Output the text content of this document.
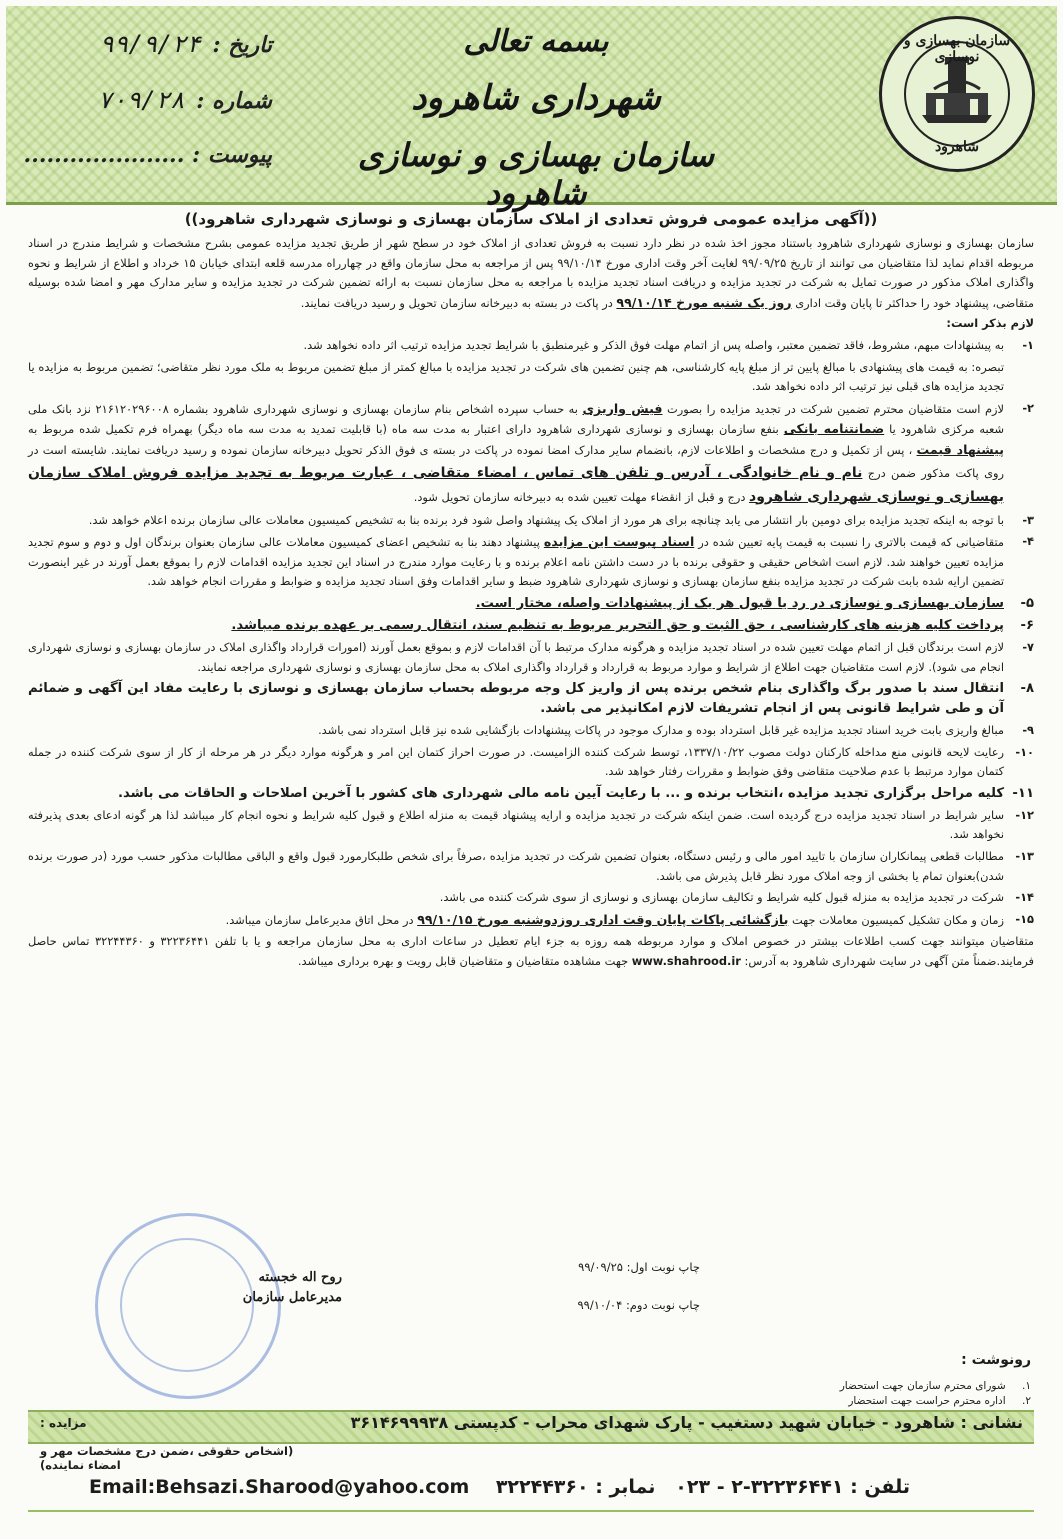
سازمان بهسازی و نوسازی
شاهرود
بسمه تعالی
شهرداری شاهرود
سازمان بهسازی و نوسازی شاهرود
تاریخ : ۹۹/۹/۲۴
شماره : ۷۰۹/۲۸
پیوست : .....................
((آگهی مزایده عمومی فروش تعدادی از املاک سازمان بهسازی و نوسازی شهرداری شاهرود))

سازمان بهسازی و نوسازی شهرداری شاهرود باستناد مجوز اخذ شده در نظر دارد نسبت به فروش تعدادی از املاک خود در سطح شهر از طریق تجدید مزایده عمومی بشرح مشخصات و شرایط مندرج در اسناد مربوطه اقدام نماید لذا متقاضیان می توانند از تاریخ ۹۹/۰۹/۲۵ لغایت آخر وقت اداری مورخ ۹۹/۱۰/۱۴ پس از مراجعه به محل سازمان واقع در چهارراه مدرسه قلعه ابتدای خیابان ۱۵ خرداد و اطلاع از شرایط و نحوه واگذاری املاک مذکور در صورت تمایل به شرکت در تجدید مزایده و دریافت اسناد تجدید مزایده با مراجعه به محل سازمان نسبت به ارائه تضمین شرکت در تجدید مزایده و سایر مدارک مهر و امضا شده بوسیله متقاضی، پیشنهاد خود را حداکثر تا پایان وقت اداری روز یک شنبه مورخ ۹۹/۱۰/۱۴ در پاکت در بسته به دبیرخانه سازمان تحویل و رسید دریافت نمایند.

لازم بذکر است:
۱-
به پیشنهادات مبهم، مشروط، فاقد تضمین معتبر، واصله پس از اتمام مهلت فوق الذکر و غیرمنطبق با شرایط تجدید مزایده ترتیب اثر داده نخواهد شد.
تبصره: به قیمت های پیشنهادی با مبالغ پایین تر از مبلغ پایه کارشناسی، هم چنین تضمین های شرکت در تجدید مزایده با مبالغ کمتر از مبلغ تضمین مربوط به ملک مورد نظر متقاضی؛ تضمین مربوط به مزایده یا تجدید مزایده های قبلی نیز ترتیب اثر داده نخواهد شد.
۲-
لازم است متقاضیان محترم تضمین شرکت در تجدید مزایده را بصورت فیش واریزی به حساب سپرده اشخاص بنام سازمان بهسازی و نوسازی شهرداری شاهرود بشماره ۲۱۶۱۲۰۲۹۶۰۰۸ نزد بانک ملی شعبه مرکزی شاهرود یا ضمانتنامه بانکی بنفع سازمان بهسازی و نوسازی شهرداری شاهرود دارای اعتبار به مدت سه ماه (با قابلیت تمدید به مدت سه ماه دیگر) بهمراه فرم تکمیل شده مربوط به پیشنهاد قیمت ، پس از تکمیل و درج مشخصات و اطلاعات لازم، بانضمام سایر مدارک امضا نموده در پاکت در بسته ی فوق الذکر تحویل دبیرخانه سازمان نموده و رسید دریافت نمایند. شایسته است در روی پاکت مذکور ضمن درج نام و نام خانوادگی ، آدرس و تلفن های تماس ، امضاء متقاضی ، عبارت مربوط به تجدید مزایده فروش املاک سازمان بهسازی و نوسازی شهرداری شاهرود درج و قبل از انقضاء مهلت تعیین شده به دبیرخانه سازمان تحویل شود.
۳-
با توجه به اینکه تجدید مزایده برای دومین بار انتشار می یابد چنانچه برای هر مورد از املاک یک پیشنهاد واصل شود فرد برنده بنا به تشخیص کمیسیون معاملات عالی سازمان برنده اعلام خواهد شد.
۴-
متقاضیانی که قیمت بالاتری را نسبت به قیمت پایه تعیین شده در اسناد پیوست این مزایده پیشنهاد دهند بنا به تشخیص اعضای کمیسیون معاملات عالی سازمان بعنوان برندگان اول و دوم و سوم تجدید مزایده تعیین خواهند شد. لازم است اشخاص حقیقی و حقوقی برنده با در دست داشتن نامه اعلام برنده و با رعایت موارد مندرج در اسناد این تجدید مزایده اقدامات لازم را بموقع بعمل آورند در غیر اینصورت تضمین ارایه شده بابت شرکت در تجدید مزایده بنفع سازمان بهسازی و نوسازی شهرداری شاهرود ضبط و سایر اقدامات وفق اسناد تجدید مزایده و ضوابط و مقررات انجام خواهد شد.
۵-
سازمان بهسازی و نوسازی در رد یا قبول هر یک از پیشنهادات واصله، مختار است.
۶-
پرداخت کلیه هزینه های کارشناسی ، حق الثبت و حق التحریر مربوط به تنظیم سند، انتقال رسمی بر عهده برنده میباشد.
۷-
لازم است برندگان قبل از اتمام مهلت تعیین شده در اسناد تجدید مزایده و هرگونه مدارک مرتبط با آن اقدامات لازم و بموقع بعمل آورند (امورات قرارداد واگذاری املاک در سازمان بهسازی و نوسازی شهرداری انجام می شود). لازم است متقاضیان جهت اطلاع از شرایط و موارد مربوط به قرارداد و قرارداد واگذاری املاک به محل سازمان بهسازی و نوسازی شهرداری مراجعه نمایند.
۸-
انتقال سند با صدور برگ واگذاری بنام شخص برنده پس از واریز کل وجه مربوطه بحساب سازمان بهسازی و نوسازی با رعایت مفاد این آگهی و ضمائم آن و طی شرایط قانونی پس از انجام تشریفات لازم امکانپذیر می باشد.
۹-
مبالغ واریزی بابت خرید اسناد تجدید مزایده غیر قابل استرداد بوده و مدارک موجود در پاکات پیشنهادات بازگشایی شده نیز قابل استرداد نمی باشد.
۱۰-
رعایت لایحه قانونی منع مداخله کارکنان دولت مصوب ۱۳۳۷/۱۰/۲۲، توسط شرکت کننده الزامیست. در صورت احراز کتمان این امر و هرگونه موارد دیگر در هر مرحله از کار از سوی شرکت کننده در جمله کتمان موارد مرتبط با عدم صلاحیت متقاضی وفق ضوابط و مقررات رفتار خواهد شد.
۱۱-
کلیه مراحل برگزاری تجدید مزایده ،انتخاب برنده و ... با رعایت آیین نامه مالی شهرداری های کشور با آخرین اصلاحات و الحاقات می باشد.
۱۲-
سایر شرایط در اسناد تجدید مزایده درج گردیده است. ضمن اینکه شرکت در تجدید مزایده و ارایه پیشنهاد قیمت به منزله اطلاع و قبول کلیه شرایط و نحوه انجام کار میباشد لذا هر گونه ادعای بعدی پذیرفته نخواهد شد.
۱۳-
مطالبات قطعی پیمانکاران سازمان با تایید امور مالی و رئیس دستگاه، بعنوان تضمین شرکت در تجدید مزایده ،صرفاً برای شخص طلبکارمورد قبول واقع و الباقی مطالبات مذکور حسب مورد (در صورت برنده شدن)بعنوان تمام یا بخشی از وجه املاک مورد نظر قابل پذیرش می باشد.
۱۴-
شرکت در تجدید مزایده به منزله قبول کلیه شرایط و تکالیف سازمان بهسازی و نوسازی از سوی شرکت کننده می باشد.
۱۵-
زمان و مکان تشکیل کمیسیون معاملات جهت بازگشائی پاکات پایان وقت اداری روزدوشنبه مورخ ۹۹/۱۰/۱۵ در محل اتاق مدیرعامل سازمان میباشد.

متقاضیان میتوانند جهت کسب اطلاعات بیشتر در خصوص املاک و موارد مربوطه همه روزه به جزء ایام تعطیل در ساعات اداری به محل سازمان مراجعه و یا با تلفن ۳۲۲۳۶۴۴۱ و ۳۲۲۴۴۳۶۰ تماس حاصل فرمایند.ضمناً متن آگهی در سایت شهرداری شاهرود به آدرس: www.shahrood.ir جهت مشاهده متقاضیان و متقاضیان قابل رویت و بهره برداری میباشد.

چاپ نوبت اول: ۹۹/۰۹/۲۵
چاپ نوبت دوم: ۹۹/۱۰/۰۴
روح اله خجسته
مدیرعامل سازمان
رونوشت :
۱. شورای محترم سازمان جهت استحضار
۲. اداره محترم حراست جهت استحضار
نشانی : شاهرود - خیابان شهید دستغیب - پارک شهدای محراب - کدپستی ۳۶۱۴۶۹۹۹۳۸
مزایده :
(اشخاص حقوقی ،ضمن درج مشخصات مهر و امضاء نماینده)
تلفن : ۳۲۲۳۶۴۴۱-۲ - ۰۲۳   نمابر : ۳۲۲۴۴۳۶۰    Email:Behsazi.Sharood@yahoo.com
